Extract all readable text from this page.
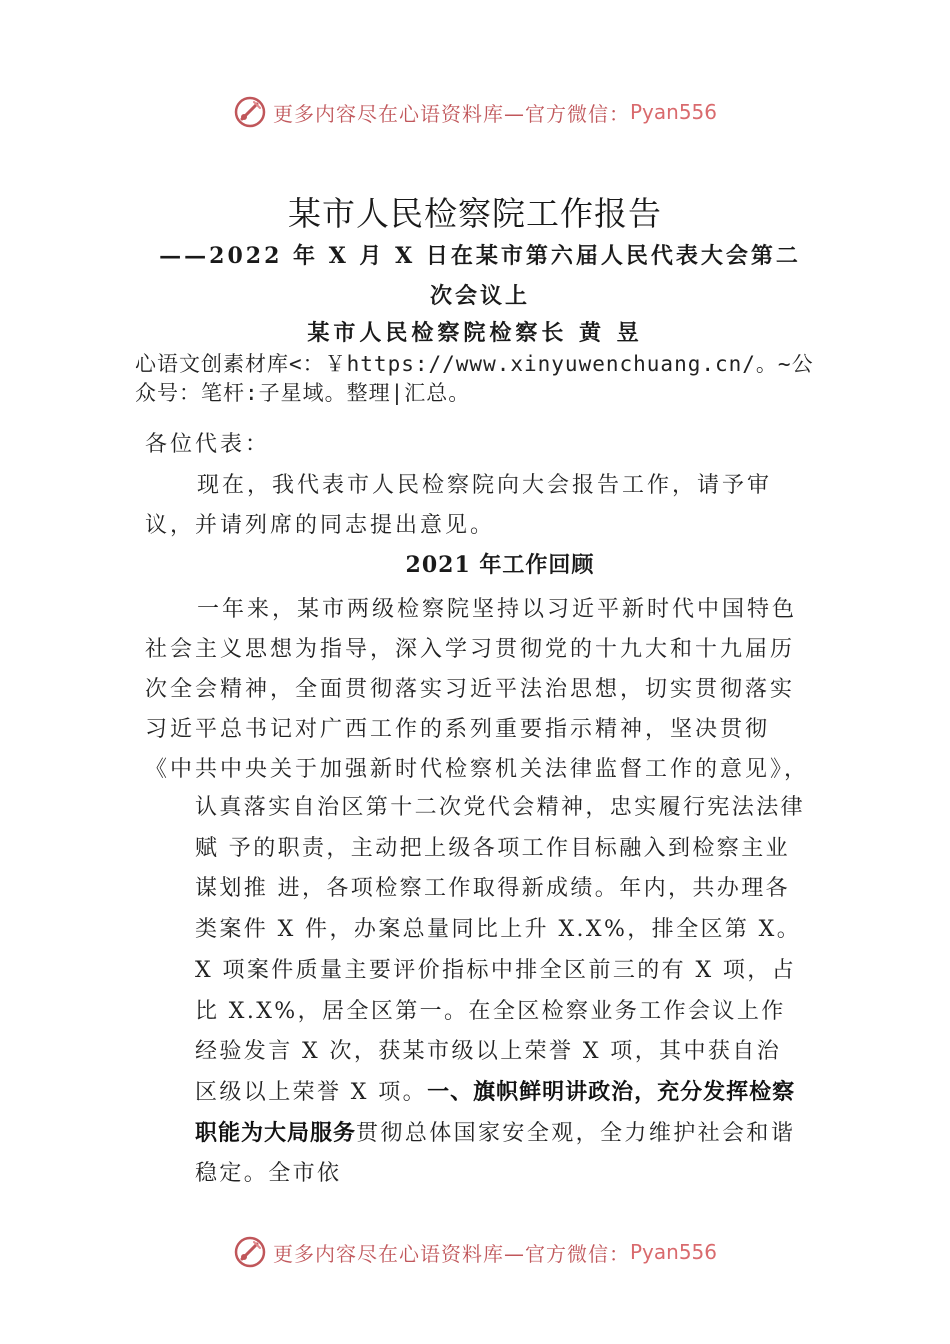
更多内容尽在心语资料库—官方微信： Pyan556
某市人民检察院工作报告
——2022 年 X 月 X 日在某市第六届人民代表大会第二次会议上
某市人民检察院检察长 黄 昱
心语文创素材库<：￥https://www.xinyuwenchuang.cn/。~公众号：笔杆:子星域。整理|汇总。
各位代表：
现在，我代表市人民检察院向大会报告工作，请予审议，并请列席的同志提出意见。
2021 年工作回顾
一年来，某市两级检察院坚持以习近平新时代中国特色社会主义思想为指导，深入学习贯彻党的十九大和十九届历次全会精神，全面贯彻落实习近平法治思想，切实贯彻落实习近平总书记对广西工作的系列重要指示精神，坚决贯彻《中共中央关于加强新时代检察机关法律监督工作的意见》，
认真落实自治区第十二次党代会精神，忠实履行宪法法律赋 予的职责，主动把上级各项工作目标融入到检察主业谋划推 进，各项检察工作取得新成绩。年内，共办理各类案件 X 件，办案总量同比上升 X.X%，排全区第 X。X 项案件质量主要评价指标中排全区前三的有 X 项，占比 X.X%，居全区第一。在全区检察业务工作会议上作经验发言 X 次，获某市级以上荣誉 X 项，其中获自治区级以上荣誉 X 项。一、旗帜鲜明讲政治，充分发挥检察职能为大局服务贯彻总体国家安全观，全力维护社会和谐稳定。全市依
更多内容尽在心语资料库—官方微信： Pyan556
